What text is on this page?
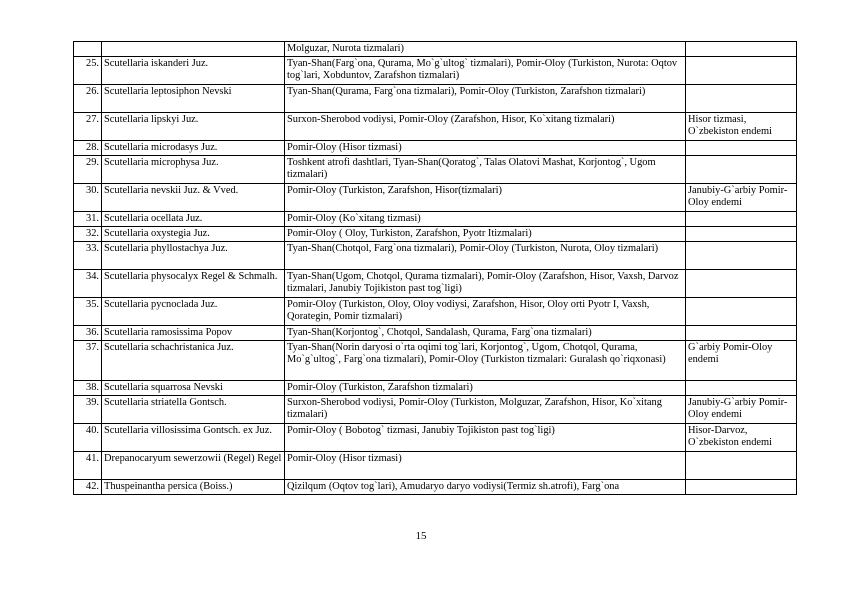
		Molguzar, Nurota tizmalari)	
25.	Scutellaria iskanderi Juz.	Tyan-Shan(Farg`ona, Qurama, Mo`g`ultog` tizmalari), Pomir-Oloy (Turkiston, Nurota: Oqtov tog`lari, Xobduntov, Zarafshon tizmalari)	
26.	Scutellaria leptosiphon Nevski	Tyan-Shan(Qurama, Farg`ona tizmalari), Pomir-Oloy (Turkiston, Zarafshon tizmalari)	
27.	Scutellaria lipskyi Juz.	Surxon-Sherobod vodiysi, Pomir-Oloy (Zarafshon, Hisor, Ko`xitang tizmalari)	Hisor tizmasi, O`zbekiston endemi
28.	Scutellaria microdasys Juz.	Pomir-Oloy (Hisor tizmasi)	
29.	Scutellaria microphysa Juz.	Toshkent atrofi dashtlari, Tyan-Shan(Qoratog`, Talas Olatovi Mashat, Korjontog`, Ugom tizmalari)	
30.	Scutellaria nevskii Juz. & Vved.	Pomir-Oloy (Turkiston, Zarafshon, Hisor(tizmalari)	Janubiy-G`arbiy Pomir-Oloy endemi
31.	Scutellaria ocellata Juz.	Pomir-Oloy (Ko`xitang tizmasi)	
32.	Scutellaria oxystegia Juz.	Pomir-Oloy ( Oloy, Turkiston, Zarafshon, Pyotr Itizmalari)	
33.	Scutellaria phyllostachya Juz.	Tyan-Shan(Chotqol, Farg`ona tizmalari), Pomir-Oloy (Turkiston, Nurota, Oloy tizmalari)	
34.	Scutellaria physocalyx Regel & Schmalh.	Tyan-Shan(Ugom, Chotqol, Qurama tizmalari), Pomir-Oloy (Zarafshon, Hisor, Vaxsh, Darvoz tizmalari, Janubiy Tojikiston past tog`ligi)	
35.	Scutellaria pycnoclada Juz.	Pomir-Oloy (Turkiston, Oloy, Oloy vodiysi, Zarafshon, Hisor, Oloy orti Pyotr I, Vaxsh, Qorategin, Pomir tizmalari)	
36.	Scutellaria ramosissima Popov	Tyan-Shan(Korjontog`, Chotqol, Sandalash, Qurama, Farg`ona tizmalari)	
37.	Scutellaria schachristanica Juz.	Tyan-Shan(Norin daryosi o`rta oqimi tog`lari, Korjontog`, Ugom, Chotqol, Qurama, Mo`g`ultog`, Farg`ona tizmalari), Pomir-Oloy (Turkiston tizmalari: Guralash qo`riqxonasi)	G`arbiy Pomir-Oloy endemi
38.	Scutellaria squarrosa Nevski	Pomir-Oloy (Turkiston, Zarafshon tizmalari)	
39.	Scutellaria striatella Gontsch.	Surxon-Sherobod vodiysi, Pomir-Oloy (Turkiston, Molguzar, Zarafshon, Hisor, Ko`xitang tizmalari)	Janubiy-G`arbiy Pomir-Oloy endemi
40.	Scutellaria villosissima Gontsch. ex Juz.	Pomir-Oloy ( Bobotog` tizmasi, Janubiy Tojikiston past tog`ligi)	Hisor-Darvoz, O`zbekiston endemi
41.	Drepanocaryum sewerzowii (Regel) Regel	Pomir-Oloy (Hisor tizmasi)	
42.	Thuspeinantha persica (Boiss.)	Qizilqum (Oqtov tog`lari), Amudaryo daryo vodiysi(Termiz sh.atrofi), Farg`ona	
15
